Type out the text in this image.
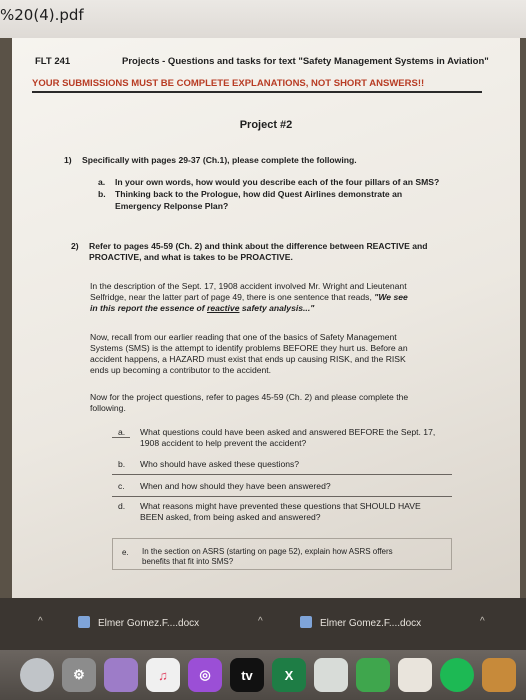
%20(4).pdf
FLT 241	Projects - Questions and tasks for text "Safety Management Systems in Aviation"
YOUR SUBMISSIONS MUST BE COMPLETE EXPLANATIONS, NOT SHORT ANSWERS!!
Project #2
1) Specifically with pages 29-37 (Ch.1), please complete the following.
a. In your own words, how would you describe each of the four pillars of an SMS?
b. Thinking back to the Prologue, how did Quest Airlines demonstrate an
Emergency Relponse Plan?
2) Refer to pages 45-59 (Ch. 2) and think about the difference between REACTIVE and
PROACTIVE, and what is takes to be PROACTIVE.
In the description of the Sept. 17, 1908 accident involved Mr. Wright and Lieutenant
Selfridge, near the latter part of page 49, there is one sentence that reads, "We see
in this report the essence of reactive safety analysis..."
Now, recall from our earlier reading that one of the basics of Safety Management
Systems (SMS) is the attempt to identify problems BEFORE they hurt us. Before an
accident happens, a HAZARD must exist that ends up causing RISK, and the RISK
ends up becoming a contributor to the accident.
Now for the project questions, refer to pages 45-59 (Ch. 2) and please complete the
following.
a. What questions could have been asked and answered BEFORE the Sept. 17,
1908 accident to help prevent the accident?
b. Who should have asked these questions?
c. When and how should they have been answered?
d. What reasons might have prevented these questions that SHOULD HAVE
BEEN asked, from being asked and answered?
e. In the section on ASRS (starting on page 52), explain how ASRS offers
benefits that fit into SMS?
^	Elmer Gomez.F....docx	^	Elmer Gomez.F....docx	^
⚙	♫	◎	tv X
